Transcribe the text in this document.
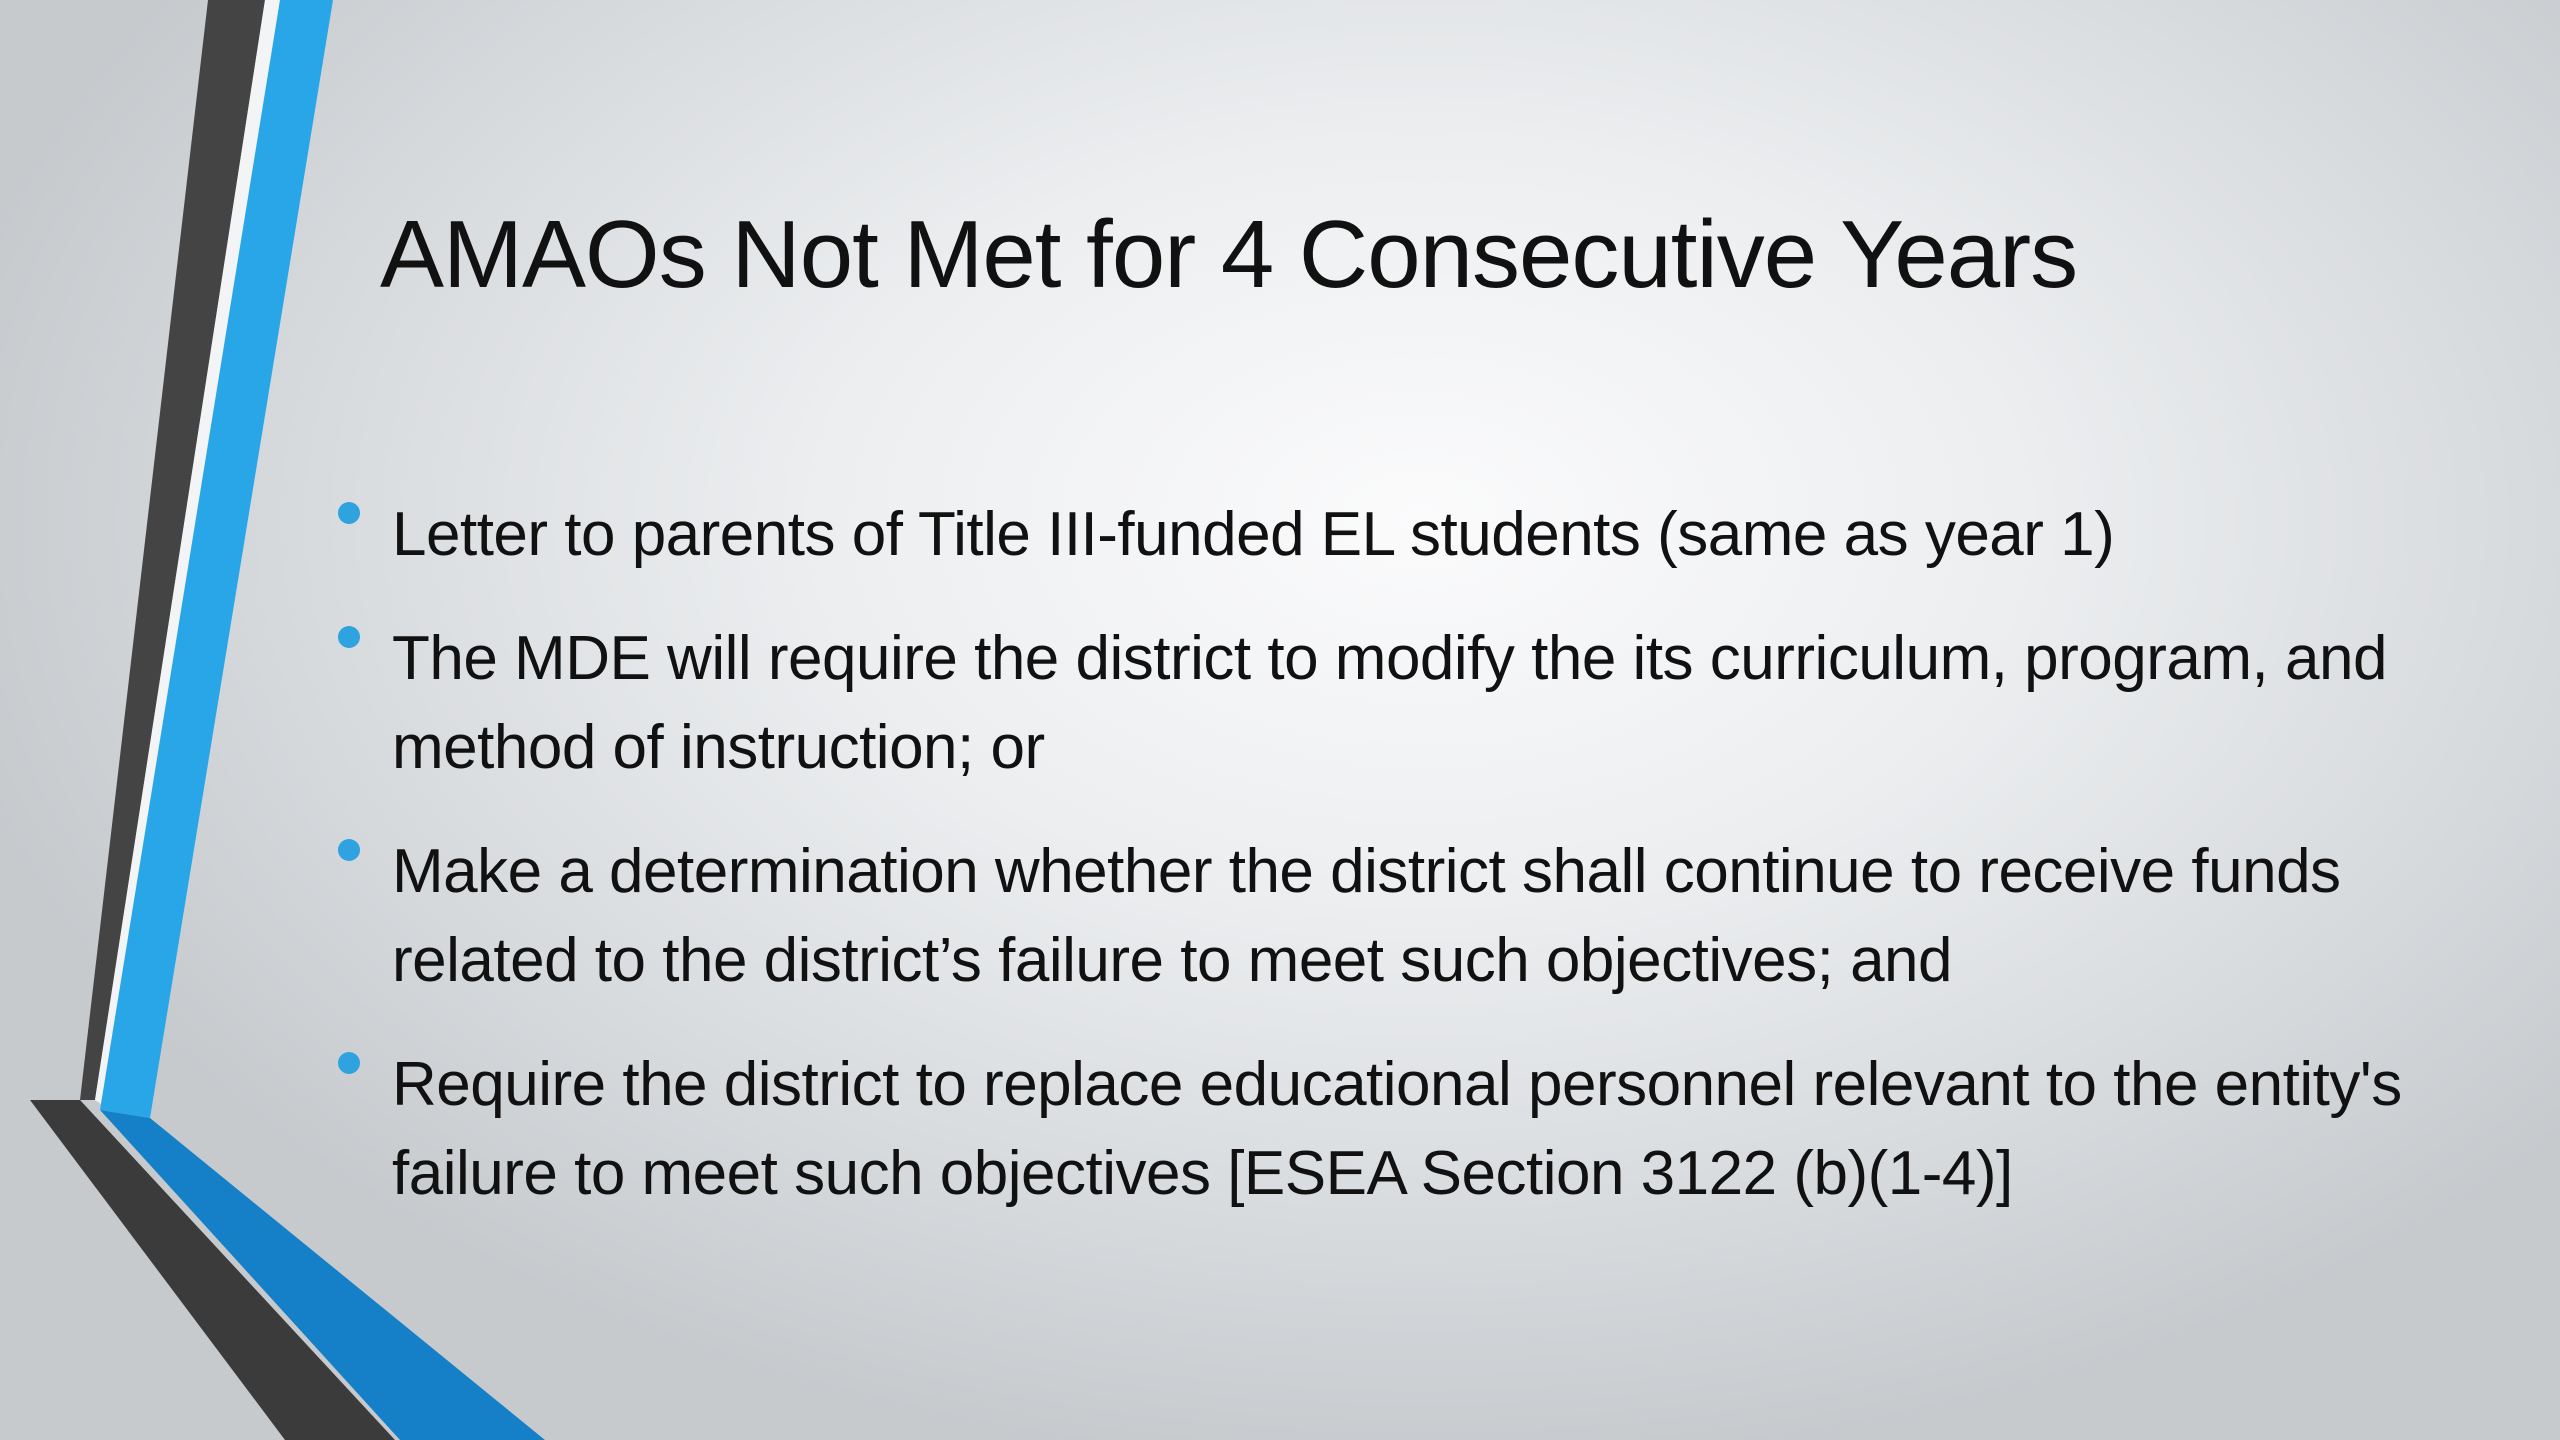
AMAOs Not Met for 4 Consecutive Years
Letter to parents of Title III-funded EL students (same as year 1)
The MDE will require the district to modify the its curriculum, program, and method of instruction; or
Make a determination whether the district shall continue to receive funds related to the district’s failure to meet such objectives; and
Require the district to replace educational personnel relevant to the entity's failure to meet such objectives [ESEA Section 3122 (b)(1-4)]
